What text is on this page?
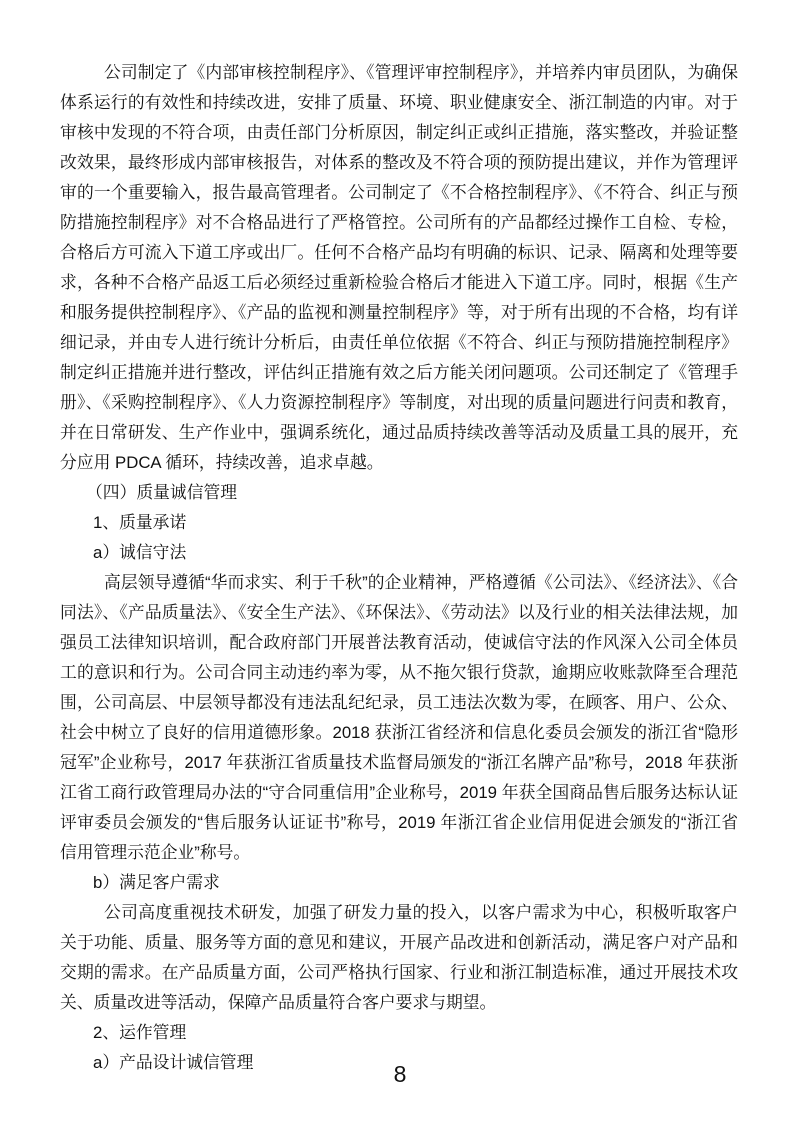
公司制定了《内部审核控制程序》、《管理评审控制程序》，并培养内审员团队，为确保体系运行的有效性和持续改进，安排了质量、环境、职业健康安全、浙江制造的内审。对于审核中发现的不符合项，由责任部门分析原因，制定纠正或纠正措施，落实整改，并验证整改效果，最终形成内部审核报告，对体系的整改及不符合项的预防提出建议，并作为管理评审的一个重要输入，报告最高管理者。公司制定了《不合格控制程序》、《不符合、纠正与预防措施控制程序》对不合格品进行了严格管控。公司所有的产品都经过操作工自检、专检，合格后方可流入下道工序或出厂。任何不合格产品均有明确的标识、记录、隔离和处理等要求，各种不合格产品返工后必须经过重新检验合格后才能进入下道工序。同时，根据《生产和服务提供控制程序》、《产品的监视和测量控制程序》等，对于所有出现的不合格，均有详细记录，并由专人进行统计分析后，由责任单位依据《不符合、纠正与预防措施控制程序》制定纠正措施并进行整改，评估纠正措施有效之后方能关闭问题项。公司还制定了《管理手册》、《采购控制程序》、《人力资源控制程序》等制度，对出现的质量问题进行问责和教育，并在日常研发、生产作业中，强调系统化，通过品质持续改善等活动及质量工具的展开，充分应用 PDCA 循环，持续改善，追求卓越。

（四）质量诚信管理

1、质量承诺

a）诚信守法

高层领导遵循“华而求实、利于千秋”的企业精神，严格遵循《公司法》、《经济法》、《合同法》、《产品质量法》、《安全生产法》、《环保法》、《劳动法》以及行业的相关法律法规，加强员工法律知识培训，配合政府部门开展普法教育活动，使诚信守法的作风深入公司全体员工的意识和行为。公司合同主动违约率为零，从不拖欠银行贷款，逾期应收账款降至合理范围，公司高层、中层领导都没有违法乱纪纪录，员工违法次数为零，在顾客、用户、公众、社会中树立了良好的信用道德形象。2018 获浙江省经济和信息化委员会颁发的浙江省“隐形冠军”企业称号，2017 年获浙江省质量技术监督局颁发的“浙江名牌产品”称号，2018 年获浙江省工商行政管理局办法的“守合同重信用”企业称号，2019 年获全国商品售后服务达标认证评审委员会颁发的“售后服务认证证书”称号，2019 年浙江省企业信用促进会颁发的“浙江省信用管理示范企业”称号。

b）满足客户需求

公司高度重视技术研发，加强了研发力量的投入，以客户需求为中心，积极听取客户关于功能、质量、服务等方面的意见和建议，开展产品改进和创新活动，满足客户对产品和交期的需求。在产品质量方面，公司严格执行国家、行业和浙江制造标准，通过开展技术攻关、质量改进等活动，保障产品质量符合客户要求与期望。

2、运作管理

a）产品设计诚信管理	8
